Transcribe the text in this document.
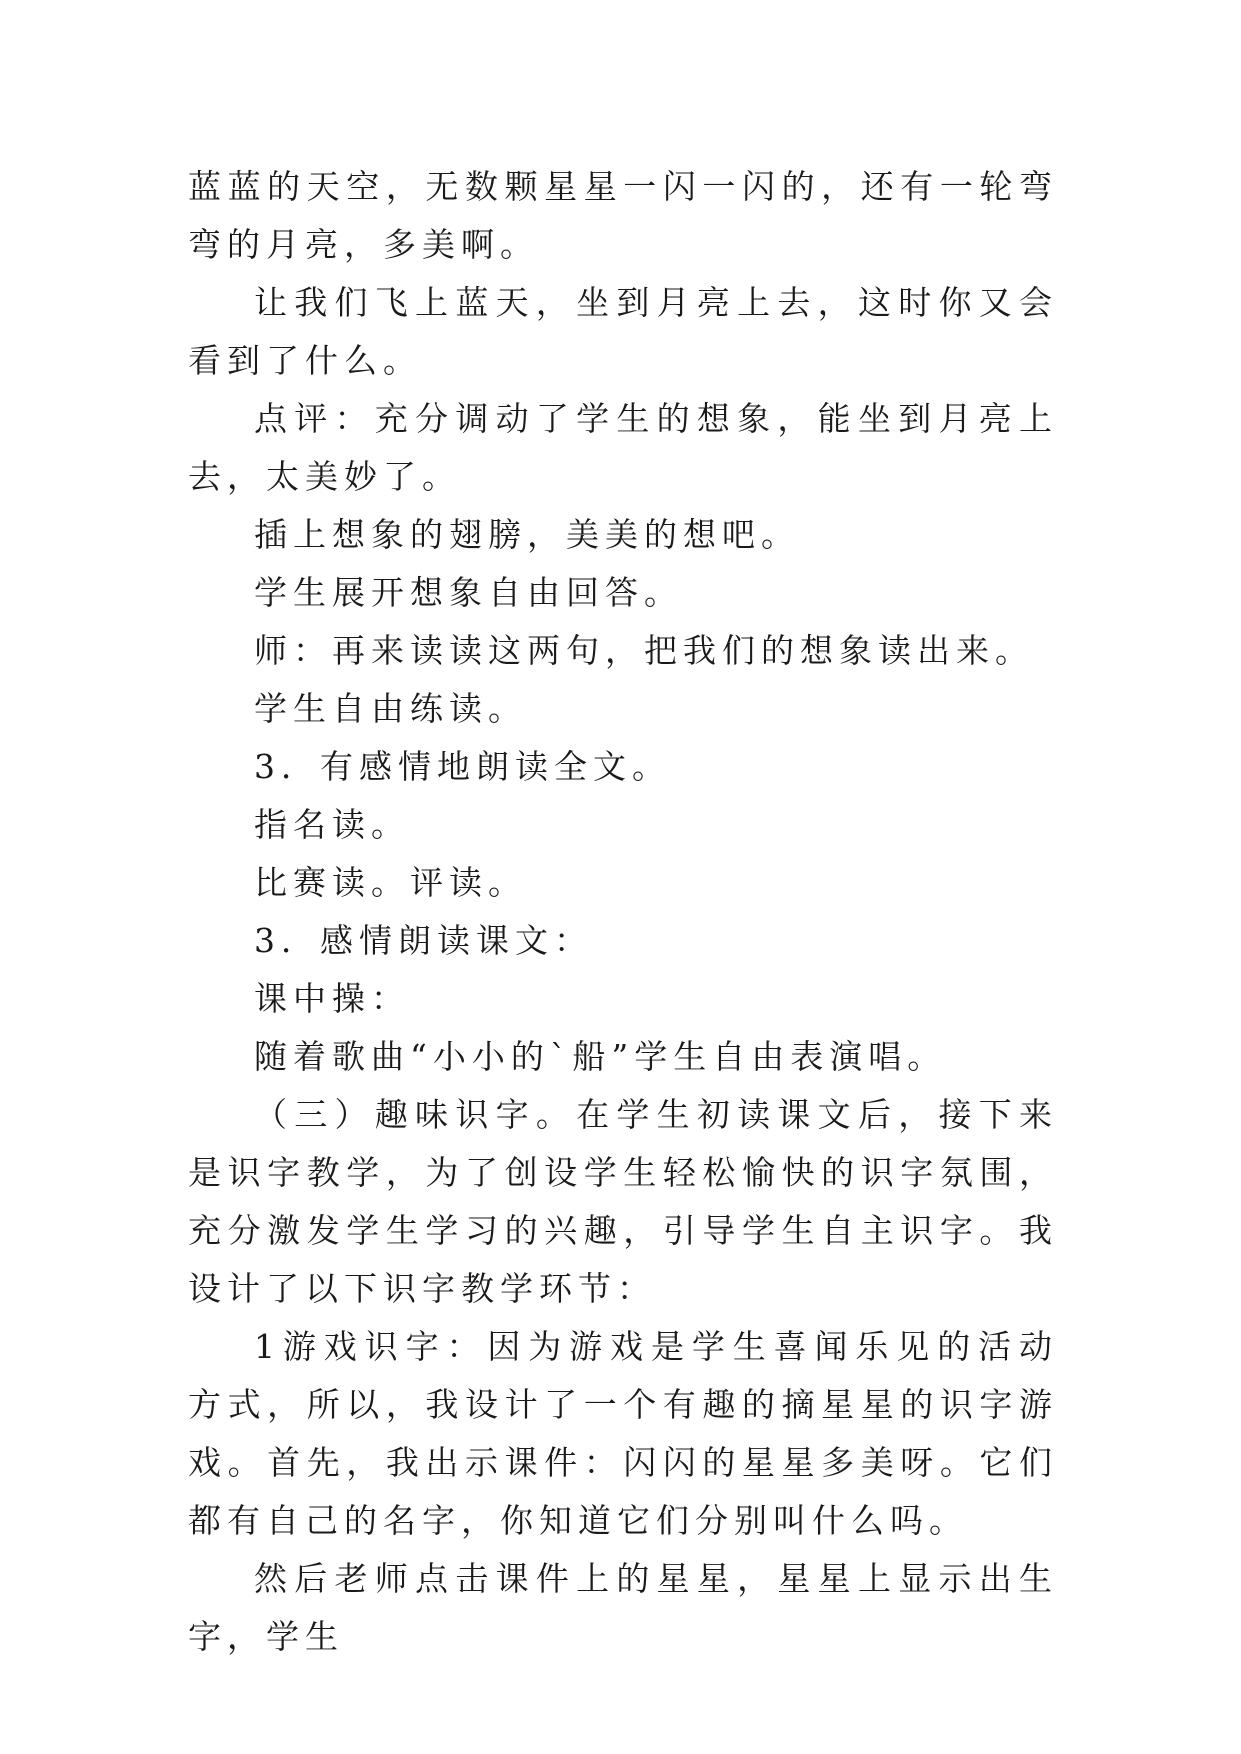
蓝蓝的天空，无数颗星星一闪一闪的，还有一轮弯弯的月亮，多美啊。

让我们飞上蓝天，坐到月亮上去，这时你又会看到了什么。

点评：充分调动了学生的想象，能坐到月亮上去，太美妙了。

插上想象的翅膀，美美的想吧。

学生展开想象自由回答。

师：再来读读这两句，把我们的想象读出来。

学生自由练读。

3．有感情地朗读全文。

指名读。

比赛读。评读。

3．感情朗读课文：

课中操：

随着歌曲“小小的`船”学生自由表演唱。

（三）趣味识字。在学生初读课文后，接下来是识字教学，为了创设学生轻松愉快的识字氛围，充分激发学生学习的兴趣，引导学生自主识字。我设计了以下识字教学环节：

1游戏识字：因为游戏是学生喜闻乐见的活动方式，所以，我设计了一个有趣的摘星星的识字游戏。首先，我出示课件：闪闪的星星多美呀。它们都有自己的名字，你知道它们分别叫什么吗。

然后老师点击课件上的星星，星星上显示出生字，学生
